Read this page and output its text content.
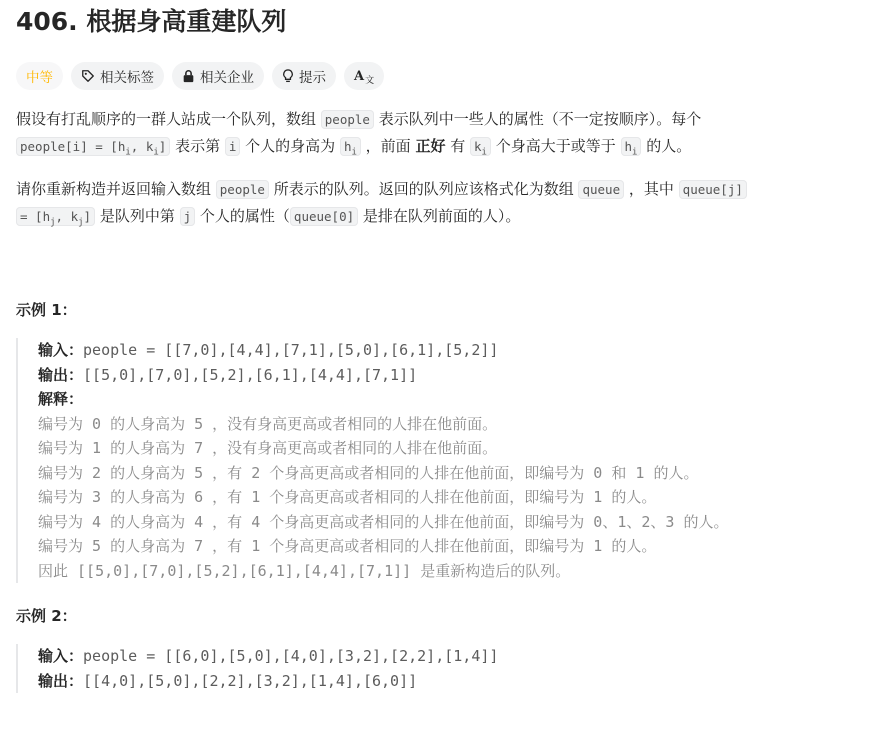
406. 根据身高重建队列
中等	相关标签	相关企业	提示 A 文

假设有打乱顺序的一群人站成一个队列，数组 people 表示队列中一些人的属性（不一定按顺序）。每个
people[i] = [$h_i$, $k_i$] 表示第 i 个人的身高为 $h_i$ ，前面 正好 有 $k_i$ 个身高大于或等于 $h_i$ 的人。

请你重新构造并返回输入数组 people 所表示的队列。返回的队列应该格式化为数组 queue ，其中 queue[j]
= [$h_j$, $k_j$] 是队列中第 j 个人的属性（ queue[0] 是排在队列前面的人）。

示例 1：

输入：people = [[7,0],[4,4],[7,1],[5,0],[6,1],[5,2]]
输出：[[5,0],[7,0],[5,2],[6,1],[4,4],[7,1]]
解释：
编号为 0 的人身高为 5 ，没有身高更高或者相同的人排在他前面。
编号为 1 的人身高为 7 ，没有身高更高或者相同的人排在他前面。
编号为 2 的人身高为 5 ，有 2 个身高更高或者相同的人排在他前面，即编号为 0 和 1 的人。
编号为 3 的人身高为 6 ，有 1 个身高更高或者相同的人排在他前面，即编号为 1 的人。
编号为 4 的人身高为 4 ，有 4 个身高更高或者相同的人排在他前面，即编号为 0、1、2、3 的人。
编号为 5 的人身高为 7 ，有 1 个身高更高或者相同的人排在他前面，即编号为 1 的人。
因此 [[5,0],[7,0],[5,2],[6,1],[4,4],[7,1]] 是重新构造后的队列。

示例 2：

输入：people = [[6,0],[5,0],[4,0],[3,2],[2,2],[1,4]]
输出：[[4,0],[5,0],[2,2],[3,2],[1,4],[6,0]]
